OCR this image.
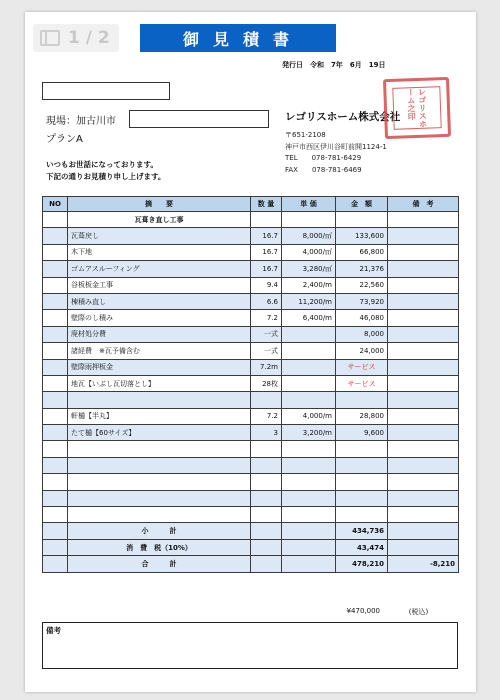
1 / 2	御見積書
発行日 令和 7年 6月 19日
現場：加古川市
プランA
いつもお世話になっております。
下記の通りお見積り申し上げます。
レゴリスホーム株式会社
〒651-2108
神戸市西区伊川谷町前開1124-1
TEL　　078-781-6429
FAX　　078-781-6469
レゴリスホーム之印
NO	摘　　要	数 量	単 価	金　額	備　考
	瓦葺き直し工事				
	瓦葺戻し	16.7	8,000/㎡	133,600	
	木下地	16.7	4,000/㎡	66,800	
	ゴムアスルーフィング	16.7	3,280/㎡	21,376	
	谷板板金工事	9.4	2,400/m	22,560	
	棟積み直し	6.6	11,200/m	73,920	
	壁際のし積み	7.2	6,400/m	46,080	
	廃材処分費	一式		8,000	
	諸経費　※瓦予備含む	一式		24,000	
	壁際雨押板金	7.2m		サービス	
	地瓦【いぶし瓦切落とし】	28枚		サービス	

	軒樋【半丸】	7.2	4,000/m	28,800	
	たて樋【60サイズ】	3	3,200/m	9,600	

	小　　　計			434,736	
	消　費　税（10%）			43,474	
	合　　　計			478,210	-8,210
¥470,000	(税込)
備考
